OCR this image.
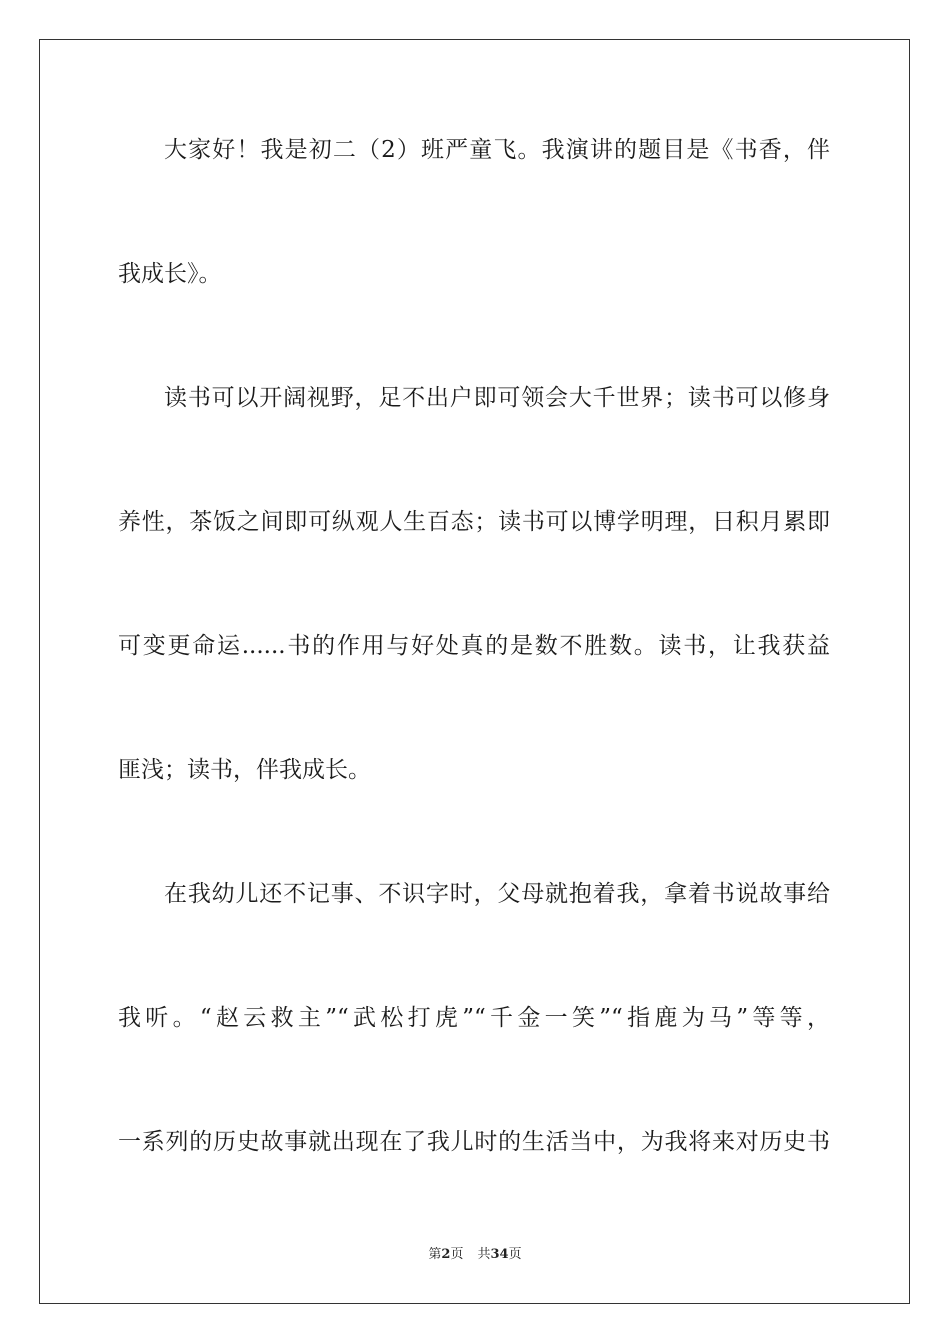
大家好！我是初二（2）班严童飞。我演讲的题目是《书香，伴
我成长》。
读书可以开阔视野，足不出户即可领会大千世界；读书可以修身
养性，茶饭之间即可纵观人生百态；读书可以博学明理，日积月累即
可变更命运......书的作用与好处真的是数不胜数。读书，让我获益
匪浅；读书，伴我成长。
在我幼儿还不记事、不识字时，父母就抱着我，拿着书说故事给
我听。“赵云救主”“武松打虎”“千金一笑”“指鹿为马”等等，
一系列的历史故事就出现在了我儿时的生活当中，为我将来对历史书
第2页 共34页
